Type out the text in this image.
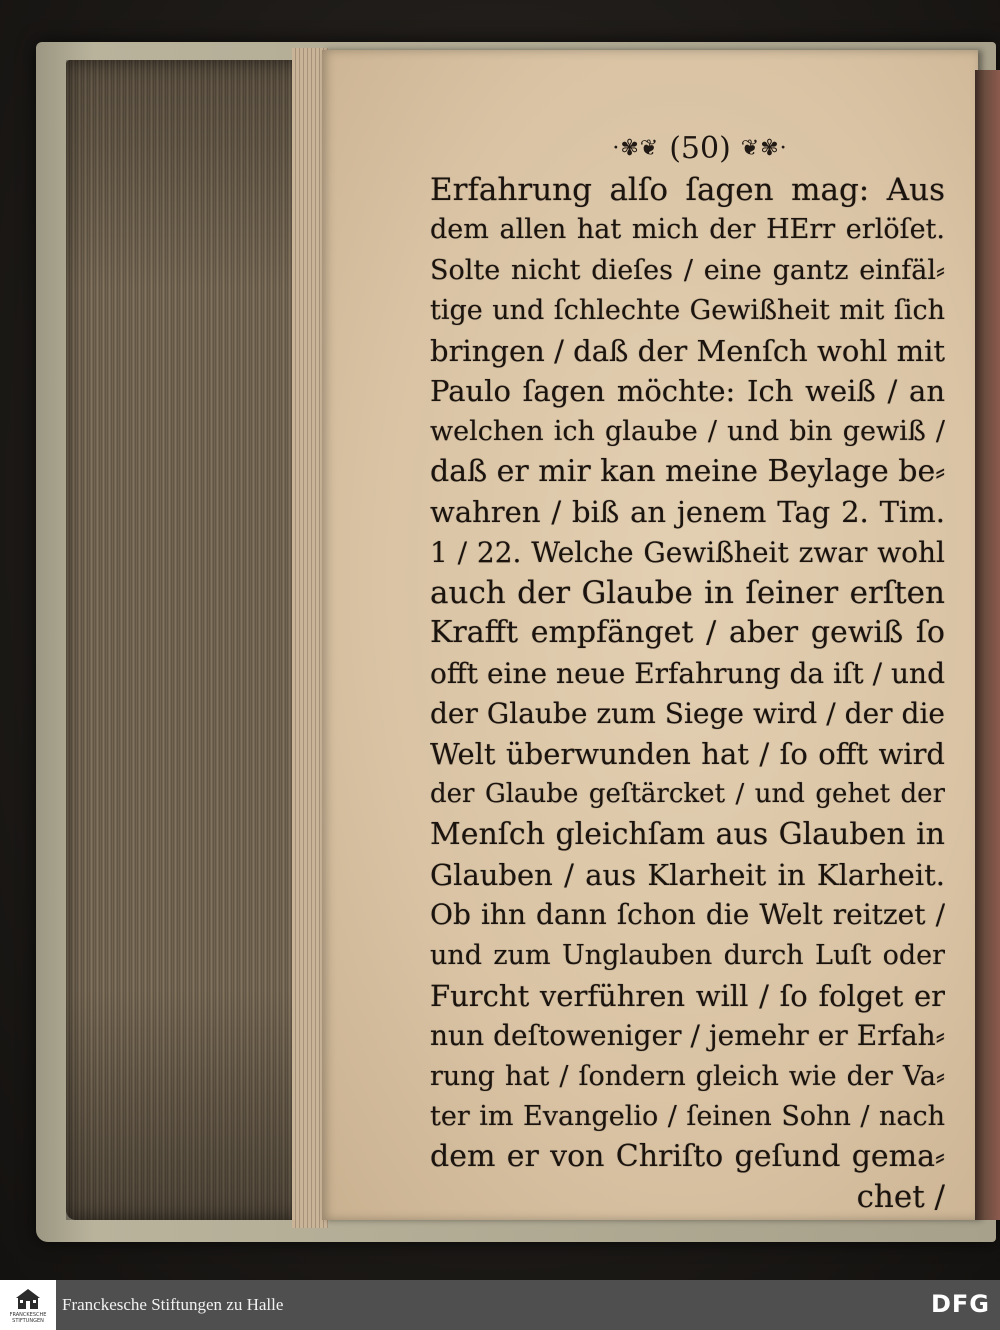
·✾❦ (50) ❦✾·
Erfahrung alſo ſagen mag: Aus
dem allen hat mich der HErr erlöſet.
Solte nicht dieſes / eine gantz einfäl⸗
tige und ſchlechte Gewißheit mit ſich
bringen / daß der Menſch wohl mit
Paulo ſagen möchte: Ich weiß / an
welchen ich glaube / und bin gewiß /
daß er mir kan meine Beylage be⸗
wahren / biß an jenem Tag 2. Tim.
1 / 22. Welche Gewißheit zwar wohl
auch der Glaube in ſeiner erſten
Krafft empfänget / aber gewiß ſo
offt eine neue Erfahrung da iſt / und
der Glaube zum Siege wird / der die
Welt überwunden hat / ſo offt wird
der Glaube geſtärcket / und gehet der
Menſch gleichſam aus Glauben in
Glauben / aus Klarheit in Klarheit.
Ob ihn dann ſchon die Welt reitzet /
und zum Unglauben durch Luſt oder
Furcht verführen will / ſo folget er
nun deſtoweniger / jemehr er Erfah⸗
rung hat / ſondern gleich wie der Va⸗
ter im Evangelio / ſeinen Sohn / nach
dem er von Chriſto geſund gema⸗
chet /
FRANCKESCHE
STIFTUNGEN
Franckesche Stiftungen zu Halle	DFG
